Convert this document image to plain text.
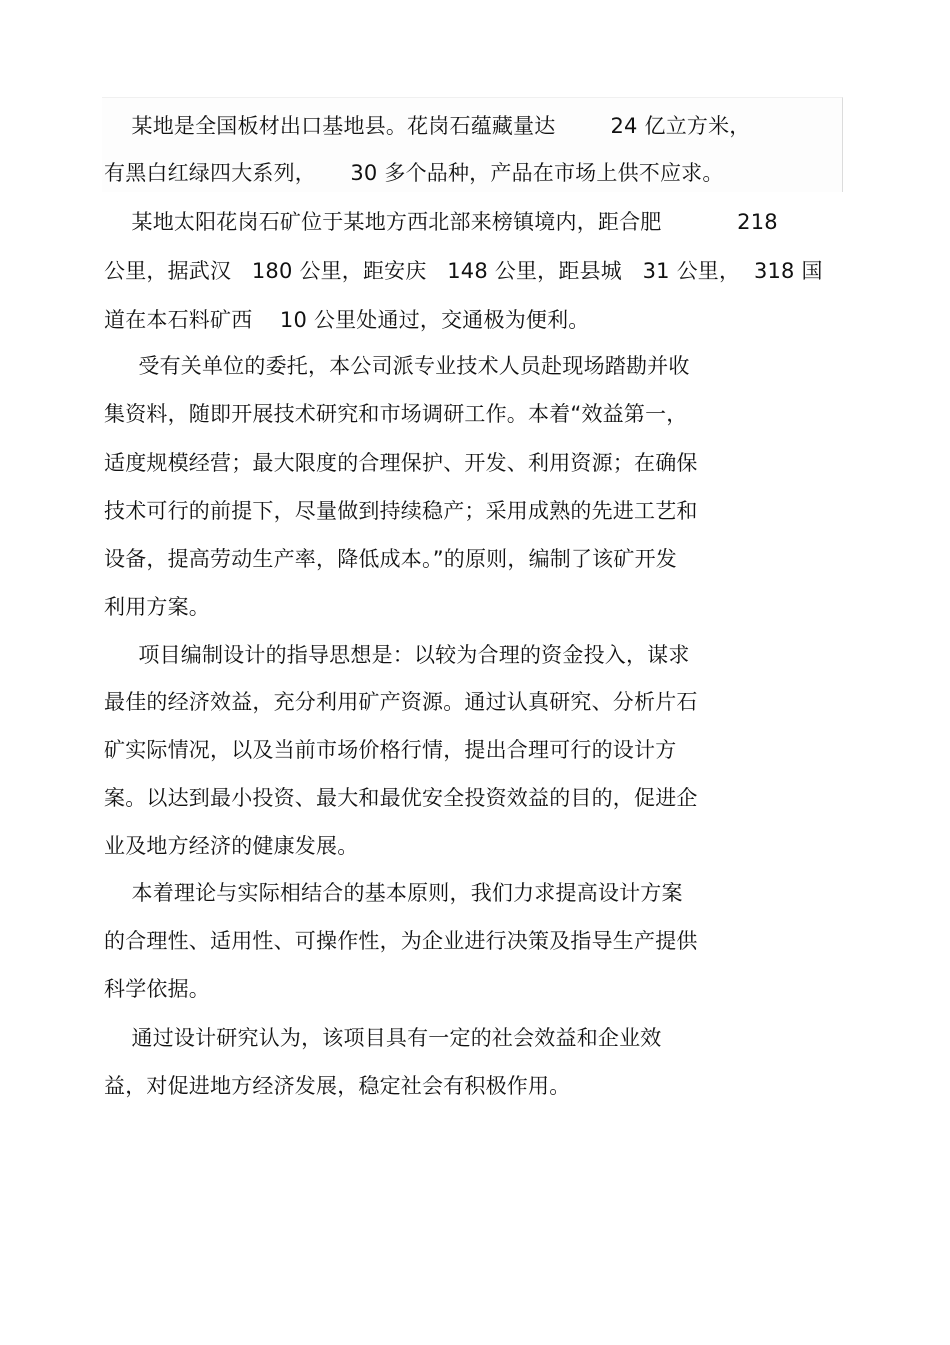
某地是全国板材出口基地县。花岗石蕴藏量达        24 亿立方米，
有黑白红绿四大系列，     30 多个品种，产品在市场上供不应求。
某地太阳花岗石矿位于某地方西北部来榜镇境内，距合肥           218
公里，据武汉   180 公里，距安庆   148 公里，距县城   31 公里，  318 国
道在本石料矿西    10 公里处通过，交通极为便利。
受有关单位的委托，本公司派专业技术人员赴现场踏勘并收
集资料，随即开展技术研究和市场调研工作。本着“效益第一，
适度规模经营；最大限度的合理保护、开发、利用资源；在确保
技术可行的前提下，尽量做到持续稳产；采用成熟的先进工艺和
设备，提高劳动生产率，降低成本。”的原则，编制了该矿开发
利用方案。
项目编制设计的指导思想是：以较为合理的资金投入，谋求
最佳的经济效益，充分利用矿产资源。通过认真研究、分析片石
矿实际情况，以及当前市场价格行情，提出合理可行的设计方
案。以达到最小投资、最大和最优安全投资效益的目的，促进企
业及地方经济的健康发展。
本着理论与实际相结合的基本原则，我们力求提高设计方案
的合理性、适用性、可操作性，为企业进行决策及指导生产提供
科学依据。
通过设计研究认为，该项目具有一定的社会效益和企业效
益，对促进地方经济发展，稳定社会有积极作用。
